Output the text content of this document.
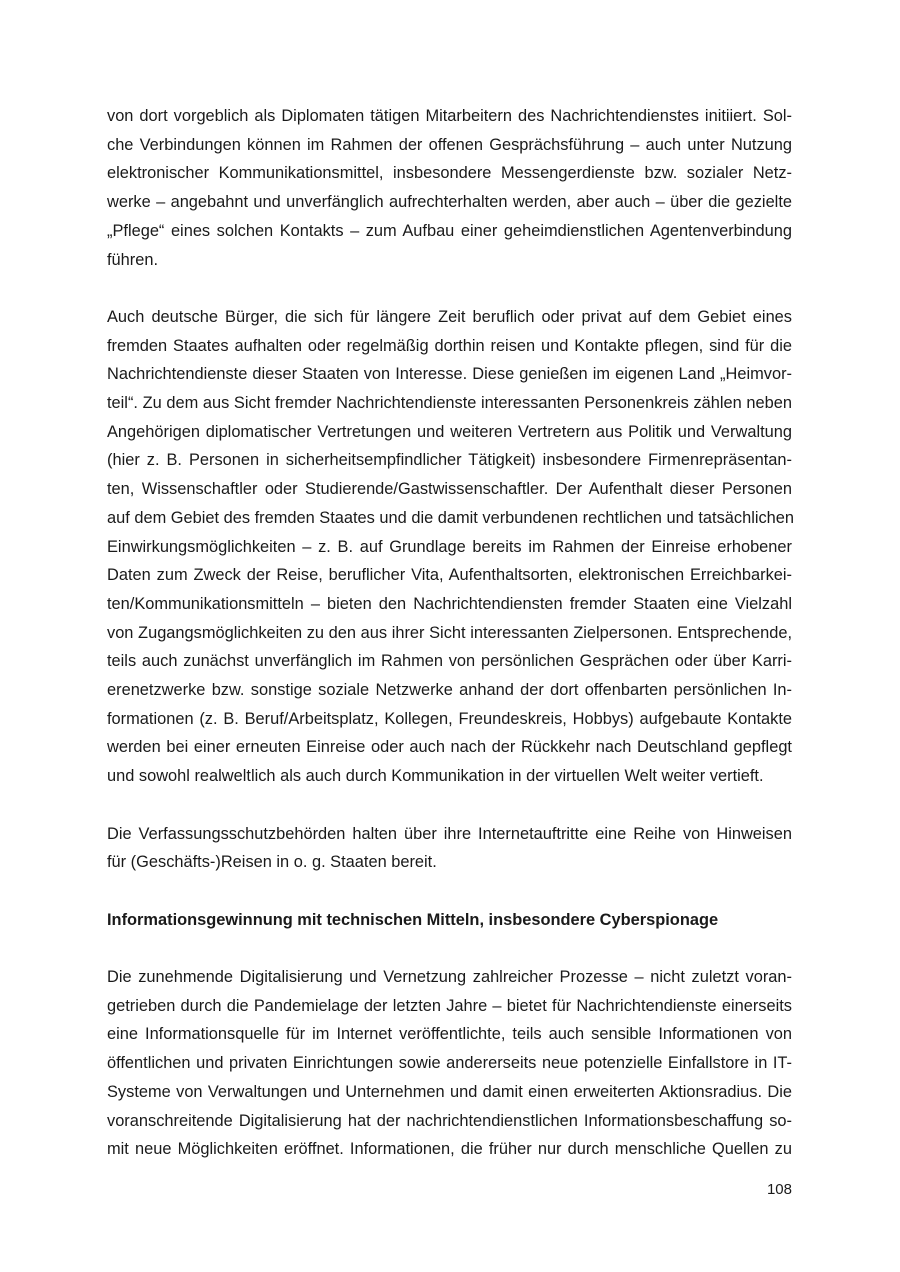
von dort vorgeblich als Diplomaten tätigen Mitarbeitern des Nachrichtendienstes initiiert. Sol-
che Verbindungen können im Rahmen der offenen Gesprächsführung – auch unter Nutzung
elektronischer Kommunikationsmittel, insbesondere Messengerdienste bzw. sozialer Netz-
werke – angebahnt und unverfänglich aufrechterhalten werden, aber auch – über die gezielte
„Pflege“ eines solchen Kontakts – zum Aufbau einer geheimdienstlichen Agentenverbindung
führen.
Auch deutsche Bürger, die sich für längere Zeit beruflich oder privat auf dem Gebiet eines
fremden Staates aufhalten oder regelmäßig dorthin reisen und Kontakte pflegen, sind für die
Nachrichtendienste dieser Staaten von Interesse. Diese genießen im eigenen Land „Heimvor-
teil“. Zu dem aus Sicht fremder Nachrichtendienste interessanten Personenkreis zählen neben
Angehörigen diplomatischer Vertretungen und weiteren Vertretern aus Politik und Verwaltung
(hier z. B. Personen in sicherheitsempfindlicher Tätigkeit) insbesondere Firmenrepräsentan-
ten, Wissenschaftler oder Studierende/Gastwissenschaftler. Der Aufenthalt dieser Personen
auf dem Gebiet des fremden Staates und die damit verbundenen rechtlichen und tatsächlichen
Einwirkungsmöglichkeiten – z. B. auf Grundlage bereits im Rahmen der Einreise erhobener
Daten zum Zweck der Reise, beruflicher Vita, Aufenthaltsorten, elektronischen Erreichbarkei-
ten/Kommunikationsmitteln – bieten den Nachrichtendiensten fremder Staaten eine Vielzahl
von Zugangsmöglichkeiten zu den aus ihrer Sicht interessanten Zielpersonen. Entsprechende,
teils auch zunächst unverfänglich im Rahmen von persönlichen Gesprächen oder über Karri-
erenetzwerke bzw. sonstige soziale Netzwerke anhand der dort offenbarten persönlichen In-
formationen (z. B. Beruf/Arbeitsplatz, Kollegen, Freundeskreis, Hobbys) aufgebaute Kontakte
werden bei einer erneuten Einreise oder auch nach der Rückkehr nach Deutschland gepflegt
und sowohl realweltlich als auch durch Kommunikation in der virtuellen Welt weiter vertieft.
Die Verfassungsschutzbehörden halten über ihre Internetauftritte eine Reihe von Hinweisen
für (Geschäfts-)Reisen in o. g. Staaten bereit.
Informationsgewinnung mit technischen Mitteln, insbesondere Cyberspionage
Die zunehmende Digitalisierung und Vernetzung zahlreicher Prozesse – nicht zuletzt voran-
getrieben durch die Pandemielage der letzten Jahre – bietet für Nachrichtendienste einerseits
eine Informationsquelle für im Internet veröffentlichte, teils auch sensible Informationen von
öffentlichen und privaten Einrichtungen sowie andererseits neue potenzielle Einfallstore in IT-
Systeme von Verwaltungen und Unternehmen und damit einen erweiterten Aktionsradius. Die
voranschreitende Digitalisierung hat der nachrichtendienstlichen Informationsbeschaffung so-
mit neue Möglichkeiten eröffnet. Informationen, die früher nur durch menschliche Quellen zu
108
